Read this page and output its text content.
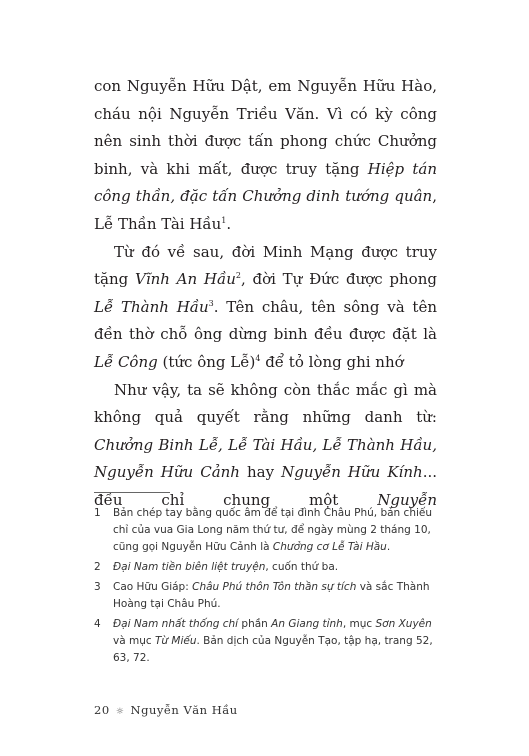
con Nguyễn Hữu Dật, em Nguyễn Hữu Hào, cháu nội Nguyễn Triều Văn. Vì có kỳ công nên sinh thời được tấn phong chức Chưởng binh, và khi mất, được truy tặng Hiệp tán công thần, đặc tấn Chưởng dinh tướng quân, Lễ Thần Tài Hầu$^1$.

Từ đó về sau, đời Minh Mạng được truy tặng Vĩnh An Hầu$^2$, đời Tự Đức được phong Lễ Thành Hầu$^3$. Tên châu, tên sông và tên đền thờ chỗ ông dừng binh đều được đặt là Lễ Công (tức ông Lễ)$^4$ để tỏ lòng ghi nhớ

Như vậy, ta sẽ không còn thắc mắc gì mà không quả quyết rằng những danh từ: Chưởng Binh Lễ, Lễ Tài Hầu, Lễ Thành Hầu, Nguyễn Hữu Cảnh hay Nguyễn Hữu Kính... đều chỉ chung một Nguyễn

1	Bản chép tay bằng quốc âm để tại đình Châu Phú, bản chiếu chỉ của vua Gia Long năm thứ tư, để ngày mùng 2 tháng 10, cũng gọi Nguyễn Hữu Cảnh là Chưởng cơ Lễ Tài Hầu.
2	Đại Nam tiền biên liệt truyện, cuốn thứ ba.
3	Cao Hữu Giáp: Châu Phú thôn Tôn thần sự tích và sắc Thành Hoàng tại Châu Phú.
4	Đại Nam nhất thống chí phần An Giang tỉnh, mục Sơn Xuyên và mục Từ Miếu. Bản dịch của Nguyễn Tạo, tập hạ, trang 52, 63, 72.
20 ☼ Nguyễn Văn Hầu
